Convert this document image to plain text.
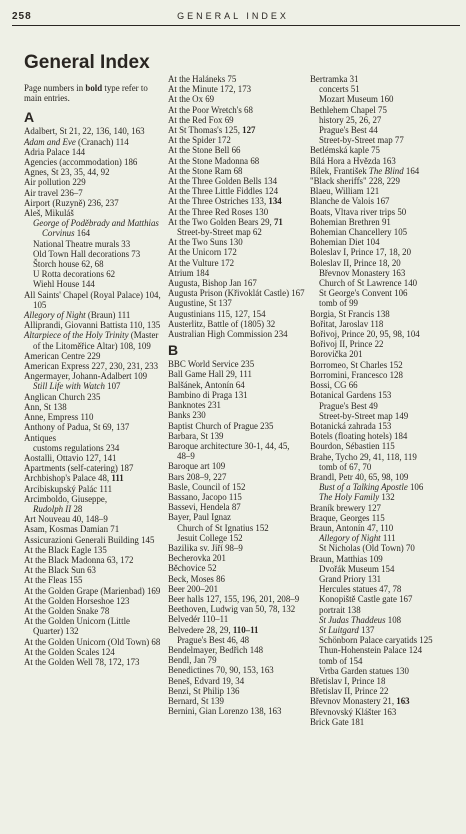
258	GENERAL INDEX
General Index

Page numbers in bold type refer to main entries.

A
Adalbert, St 21, 22, 136, 140, 163
Adam and Eve (Cranach) 114
Adria Palace 144
Agencies (accommodation) 186
Agnes, St 23, 35, 44, 92
Air pollution 229
Air travel 236–7
Airport (Ruzyně) 236, 237
Aleš, Mikuláš
George of Poděbrady and Matthias Corvinus 164
National Theatre murals 33
Old Town Hall decorations 73
Štorch house 62, 68
U Rotta decorations 62
Wiehl House 144
All Saints' Chapel (Royal Palace) 104, 105
Allegory of Night (Braun) 111
Alliprandi, Giovanni Battista 110, 135
Altarpiece of the Holy Trinity (Master of the Litoměřice Altar) 108, 109
American Centre 229
American Express 227, 230, 231, 233
Angermayer, Johann-Adalbert 109
Still Life with Watch 107
Anglican Church 235
Ann, St 138
Anne, Empress 110
Anthony of Padua, St 69, 137
Antiques
customs regulations 234
Aostalli, Ottavio 127, 141
Apartments (self-catering) 187
Archbishop's Palace 48, 111
Arcibiskupský Palác 111
Arcimboldo, Giuseppe,
Rudolph II 28
Art Nouveau 40, 148–9
Asam, Kosmas Damian 71
Assicurazioni Generali Building 145
At the Black Eagle 135
At the Black Madonna 63, 172
At the Black Sun 63
At the Fleas 155
At the Golden Grape (Marienbad) 169
At the Golden Horseshoe 123
At the Golden Snake 78
At the Golden Unicorn (Little Quarter) 132
At the Golden Unicorn (Old Town) 68
At the Golden Scales 124
At the Golden Well 78, 172, 173
At the Haláneks 75
At the Minute 172, 173
At the Ox 69
At the Poor Wretch's 68
At the Red Fox 69
At St Thomas's 125, 127
At the Spider 172
At the Stone Bell 66
At the Stone Madonna 68
At the Stone Ram 68
At the Three Golden Bells 134
At the Three Little Fiddles 124
At the Three Ostriches 133, 134
At the Three Red Roses 130
At the Two Golden Bears 29, 71
Street-by-Street map 62
At the Two Suns 130
At the Unicorn 172
At the Vulture 172
Atrium 184
Augusta, Bishop Jan 167
Augusta Prison (Křivoklát Castle) 167
Augustine, St 137
Augustinians 115, 127, 154
Austerlitz, Battle of (1805) 32
Australian High Commission 234
B
BBC World Service 235
Ball Game Hall 29, 111
Balšánek, Antonín 64
Bambino di Praga 131
Banknotes 231
Banks 230
Baptist Church of Prague 235
Barbara, St 139
Baroque architecture 30-1, 44, 45, 48–9
Baroque art 109
Bars 208–9, 227
Basle, Council of 152
Bassano, Jacopo 115
Bassevi, Hendela 87
Bayer, Paul Ignaz
Church of St Ignatius 152
Jesuit College 152
Bazilika sv. Jiří 98–9
Becherovka 201
Běchovice 52
Beck, Moses 86
Beer 200–201
Beer halls 127, 155, 196, 201, 208–9
Beethoven, Ludwig van 50, 78, 132
Belvedér 110–11
Belvedere 28, 29, 110–11
Prague's Best 46, 48
Bendelmayer, Bedřich 148
Bendl, Jan 79
Benedictines 70, 90, 153, 163
Beneš, Edvard 19, 34
Benzi, St Philip 136
Bernard, St 139
Bernini, Gian Lorenzo 138, 163
Bertramka 31
concerts 51
Mozart Museum 160
Bethlehem Chapel 75
history 25, 26, 27
Prague's Best 44
Street-by-Street map 77
Betlémská kaple 75
Bílá Hora a Hvězda 163
Bílek, František The Blind 164
"Black sheriffs" 228, 229
Blaeu, William 121
Blanche de Valois 167
Boats, Vltava river trips 50
Bohemian Brethren 91
Bohemian Chancellery 105
Bohemian Diet 104
Boleslav I, Prince 17, 18, 20
Boleslav II, Prince 18, 20
Břevnov Monastery 163
Church of St Lawrence 140
St George's Convent 106
tomb of 99
Borgia, St Francis 138
Bořitat, Jaroslav 118
Bořivoj, Prince 20, 95, 98, 104
Bořivoj II, Prince 22
Borovička 201
Borromeo, St Charles 152
Borromini, Francesco 128
Bossi, CG 66
Botanical Gardens 153
Prague's Best 49
Street-by-Street map 149
Botanická zahrada 153
Botels (floating hotels) 184
Bourdon, Sébastien 115
Brahe, Tycho 29, 41, 118, 119
tomb of 67, 70
Brandl, Petr 40, 65, 98, 109
Bust of a Talking Apostle 106
The Holy Family 132
Braník brewery 127
Braque, Georges 115
Braun, Antonín 47, 110
Allegory of Night 111
St Nicholas (Old Town) 70
Braun, Matthias 109
Dvořák Museum 154
Grand Priory 131
Hercules statues 47, 78
Konopiště Castle gate 167
portrait 138
St Judas Thaddeus 108
St Luitgard 137
Schönborn Palace caryatids 125
Thun-Hohenstein Palace 124
tomb of 154
Vrtba Garden statues 130
Břetislav I, Prince 18
Břetislav II, Prince 22
Břevnov Monastery 21, 163
Břevnovský Klášter 163
Brick Gate 181
